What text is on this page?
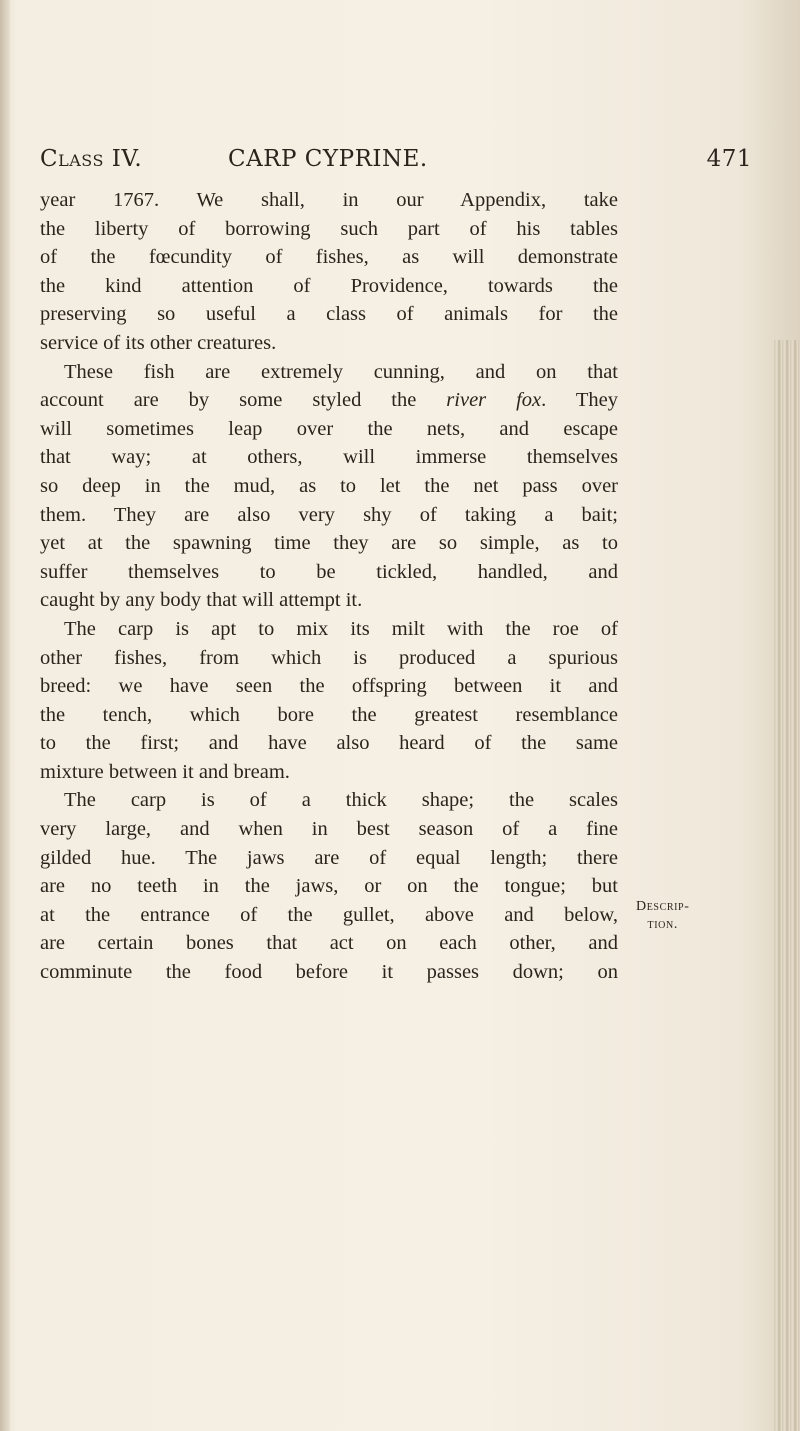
Class IV.	CARP CYPRINE.	471
year 1767. We shall, in our Appendix, take
the liberty of borrowing such part of his tables
of the fœcundity of fishes, as will demonstrate
the kind attention of Providence, towards the
preserving so useful a class of animals for the
service of its other creatures.
These fish are extremely cunning, and on that
account are by some styled the river fox. They
will sometimes leap over the nets, and escape
that way; at others, will immerse themselves
so deep in the mud, as to let the net pass over
them. They are also very shy of taking a bait;
yet at the spawning time they are so simple, as to
suffer themselves to be tickled, handled, and
caught by any body that will attempt it.
The carp is apt to mix its milt with the roe of
other fishes, from which is produced a spurious
breed: we have seen the offspring between it and
the tench, which bore the greatest resemblance
to the first; and have also heard of the same
mixture between it and bream.
The carp is of a thick shape; the scales
very large, and when in best season of a fine
gilded hue. The jaws are of equal length; there
are no teeth in the jaws, or on the tongue; but
at the entrance of the gullet, above and below,
are certain bones that act on each other, and
comminute the food before it passes down; on
Descrip-
tion.
